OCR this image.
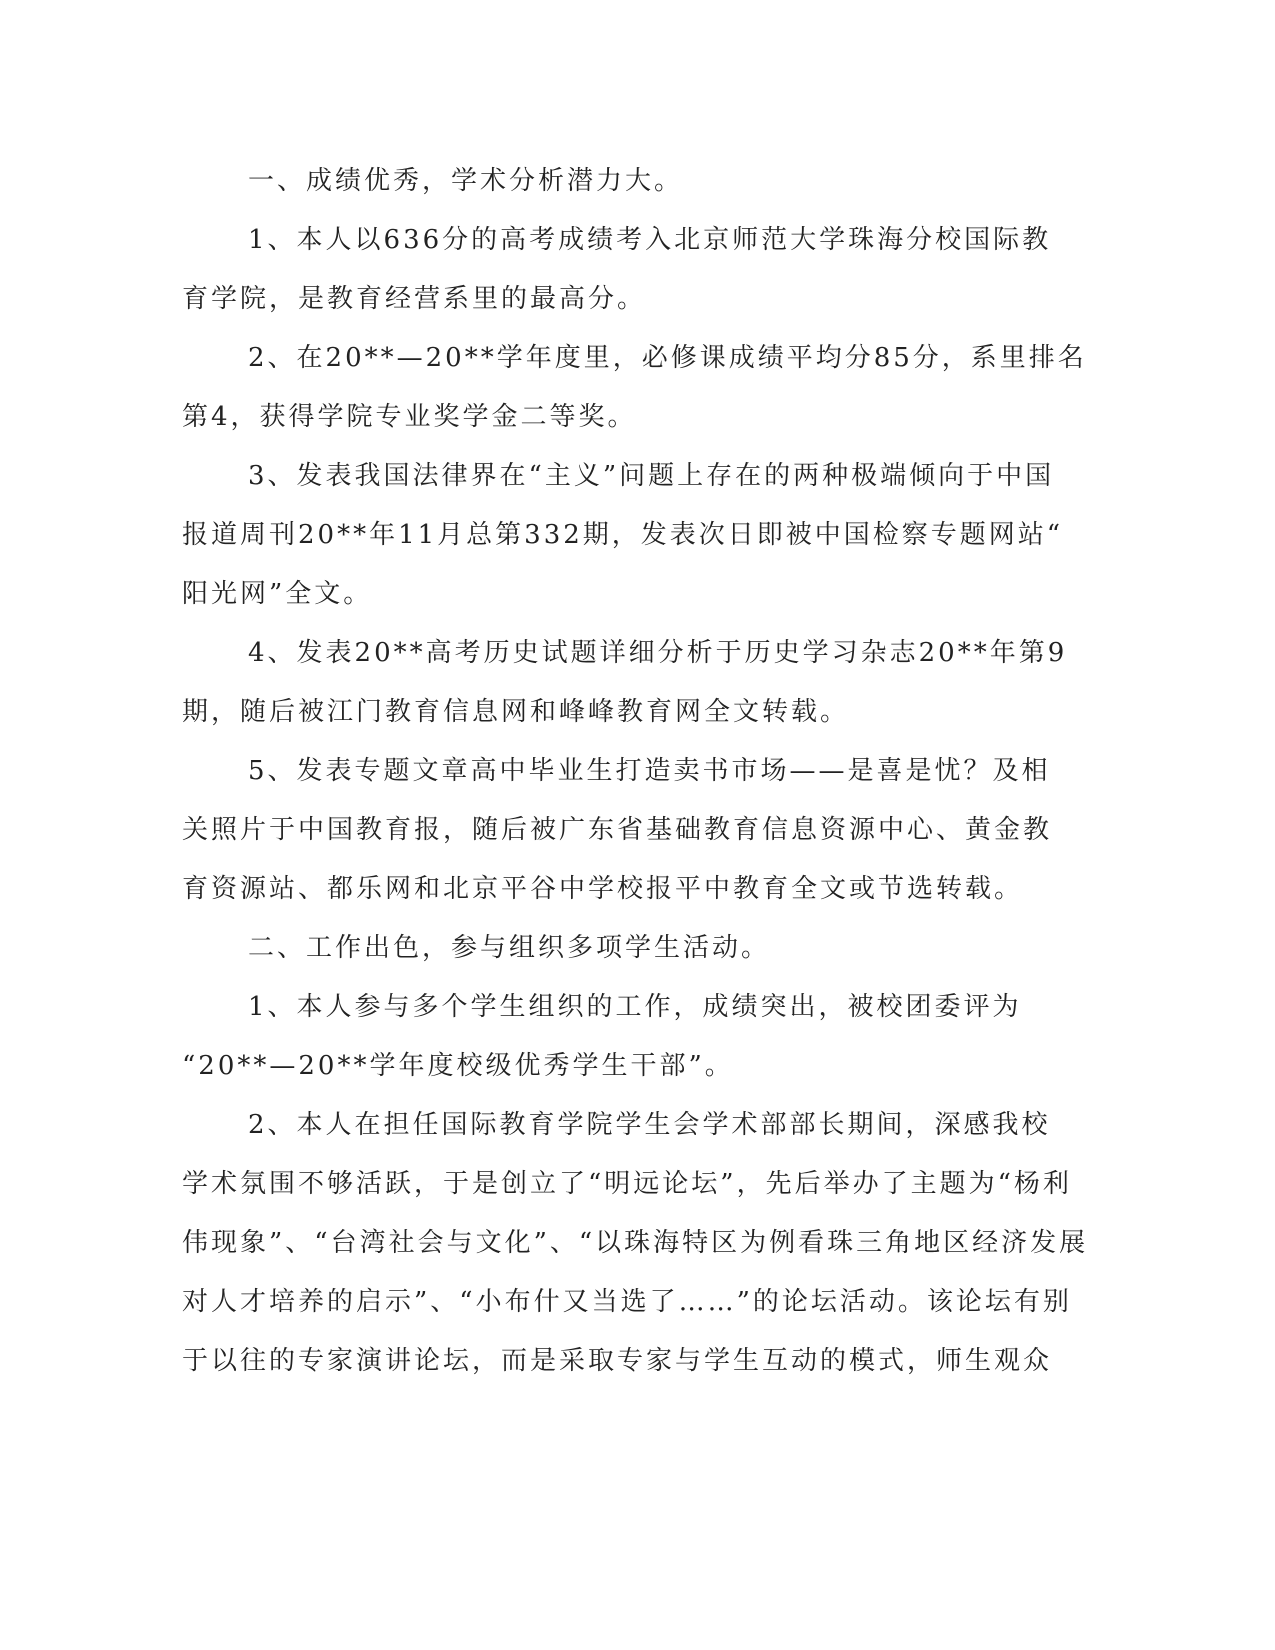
一、成绩优秀，学术分析潜力大。

1、本人以636分的高考成绩考入北京师范大学珠海分校国际教
育学院，是教育经营系里的最高分。

2、在20**—20**学年度里，必修课成绩平均分85分，系里排名
第4，获得学院专业奖学金二等奖。

3、发表我国法律界在“主义”问题上存在的两种极端倾向于中国
报道周刊20**年11月总第332期，发表次日即被中国检察专题网站“
阳光网”全文。

4、发表20**高考历史试题详细分析于历史学习杂志20**年第9
期，随后被江门教育信息网和峰峰教育网全文转载。

5、发表专题文章高中毕业生打造卖书市场——是喜是忧？及相
关照片于中国教育报，随后被广东省基础教育信息资源中心、黄金教
育资源站、都乐网和北京平谷中学校报平中教育全文或节选转载。

二、工作出色，参与组织多项学生活动。

1、本人参与多个学生组织的工作，成绩突出，被校团委评为
“20**—20**学年度校级优秀学生干部”。

2、本人在担任国际教育学院学生会学术部部长期间，深感我校
学术氛围不够活跃，于是创立了“明远论坛”，先后举办了主题为“杨利
伟现象”、“台湾社会与文化”、“以珠海特区为例看珠三角地区经济发展
对人才培养的启示”、“小布什又当选了……”的论坛活动。该论坛有别
于以往的专家演讲论坛，而是采取专家与学生互动的模式，师生观众
